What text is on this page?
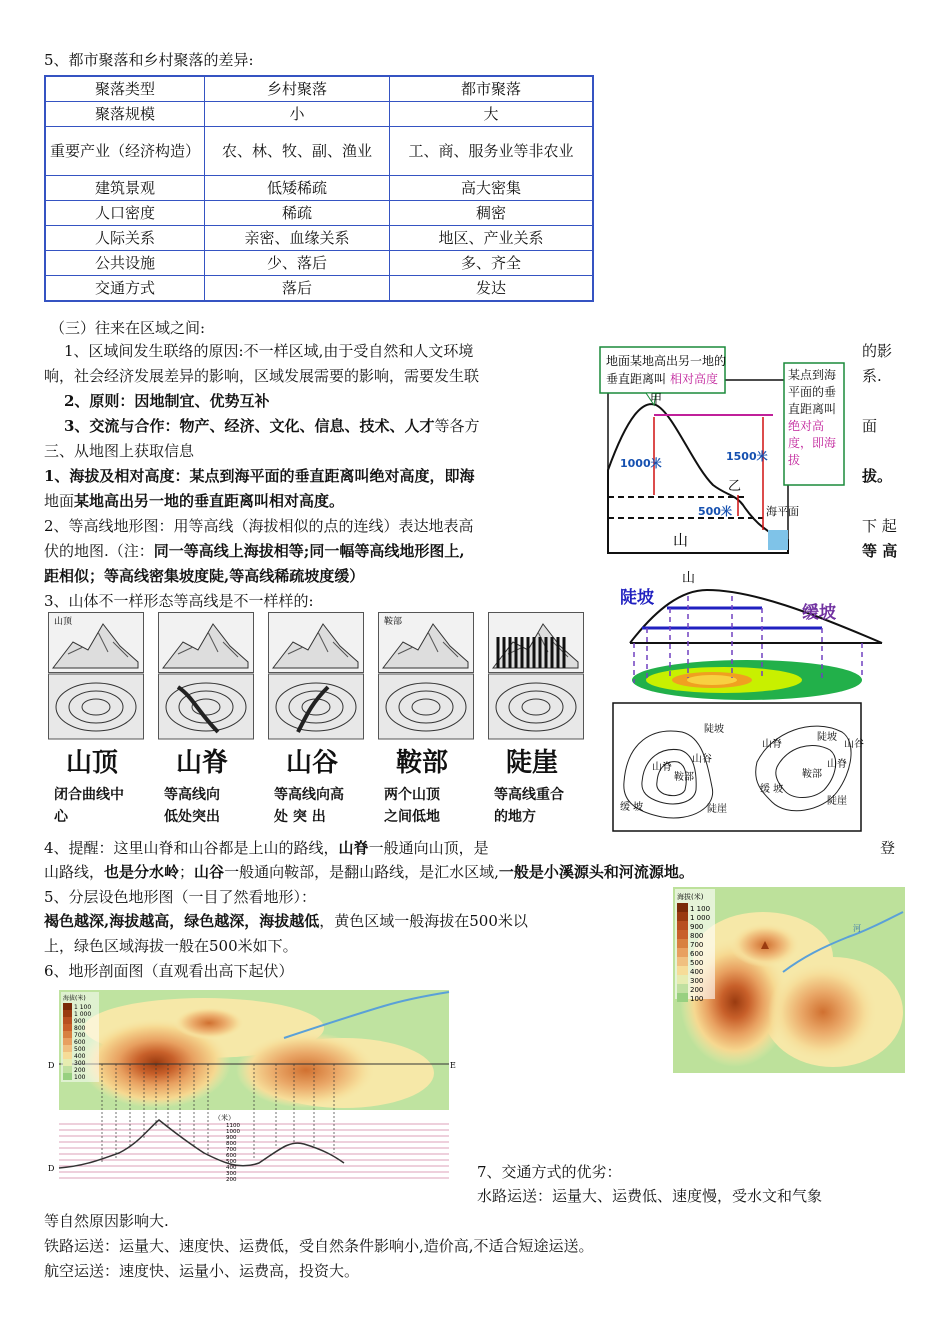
5、都市聚落和乡村聚落的差异:
聚落类型	乡村聚落	都市聚落
聚落规模	小	大
重要产业（经济构造）	农、林、牧、副、渔业	工、商、服务业等非农业
建筑景观	低矮稀疏	高大密集
人口密度	稀疏	稠密
人际关系	亲密、血缘关系	地区、产业关系
公共设施	少、落后	多、齐全
交通方式	落后	发达
（三）往来在区域之间:
1、区域间发生联络的原因:不一样区域,由于受自然和人文环境	的影
响，社会经济发展差异的影响，区域发展需要的影响，需要发生联	系.
2、原则：因地制宜、优势互补
3、交流与合作：物产、经济、文化、信息、技术、人才等各方	面
三、从地图上获取信息
1、海拔及相对高度：某点到海平面的垂直距离叫绝对高度，即海	拔。
地面某地高出另一地的垂直距离叫相对高度。
2、等高线地形图：用等高线（海拔相似的点的连线）表达地表高	下 起
伏的地图.（注：同一等高线上海拔相等;同一幅等高线地形图上,	等 高
距相似；等高线密集坡度陡,等高线稀疏坡度缓）
3、山体不一样形态等高线是不一样样的:
地面某地高出另一地的
垂直距离叫 相对高度
1000米
1500米
500米
甲
乙
海平面
山
某点到海
平面的垂
直距离叫
绝对高
度，即海
拔
山
陡坡
缓坡
陡坡
山谷
山脊
鞍部
缓 坡	陡崖
山脊
陡坡
山谷
鞍部
山脊
缓 坡
陡崖
山顶
山顶
闭合曲线中
心
山脊
等高线向
低处突出
山谷
等高线向高
处 突 出
鞍部
鞍部
两个山顶
之间低地
陡崖
等高线重合
的地方
4、提醒：这里山脊和山谷都是上山的路线，山脊一般通向山顶，是	登
山路线，也是分水岭；山谷一般通向鞍部，是翻山路线，是汇水区域,一般是小溪源头和河流源地。
5、分层设色地形图（一目了然看地形）：
褐色越深,海拔越高，绿色越深，海拔越低，黄色区域一般海拔在500米以
上，绿色区域海拔一般在500米如下。
6、地形剖面图（直观看出高下起伏）
海拔(米)
1 100
1 000
900
800
700
600
500
400
300
200
100
河
海拔(米)
1 100
1 000
900
800
700
600
500
400
300
200
100
D	E
（米）
1100
1000
900
800
700
600
500
400
300
200
D	7、交通方式的优劣：
水路运送：运量大、运费低、速度慢，受水文和气象
等自然原因影响大.
铁路运送：运量大、速度快、运费低，受自然条件影响小,造价高,不适合短途运送。
航空运送：速度快、运量小、运费高，投资大。
